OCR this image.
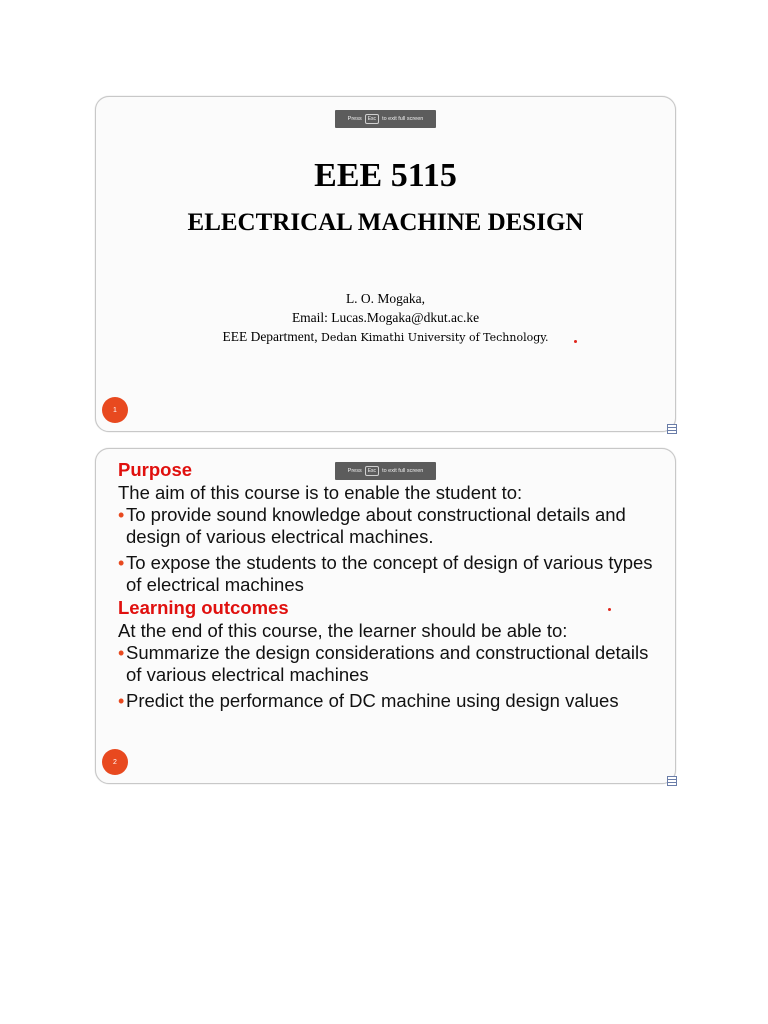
Press	Esc	to exit full screen
EEE 5115
ELECTRICAL MACHINE DESIGN
L. O. Mogaka,
Email: Lucas.Mogaka@dkut.ac.ke
EEE Department, Dedan Kimathi University of Technology.
1
Press	Esc	to exit full screen

Purpose

The aim of this course is to enable the student to:

• To provide sound knowledge about constructional details and design of various electrical machines.
• To expose the students to the concept of design of various types of electrical machines

Learning outcomes

At the end of this course, the learner should be able to:

• Summarize the design considerations and constructional details of various electrical machines
• Predict the performance of DC machine using design values
2
